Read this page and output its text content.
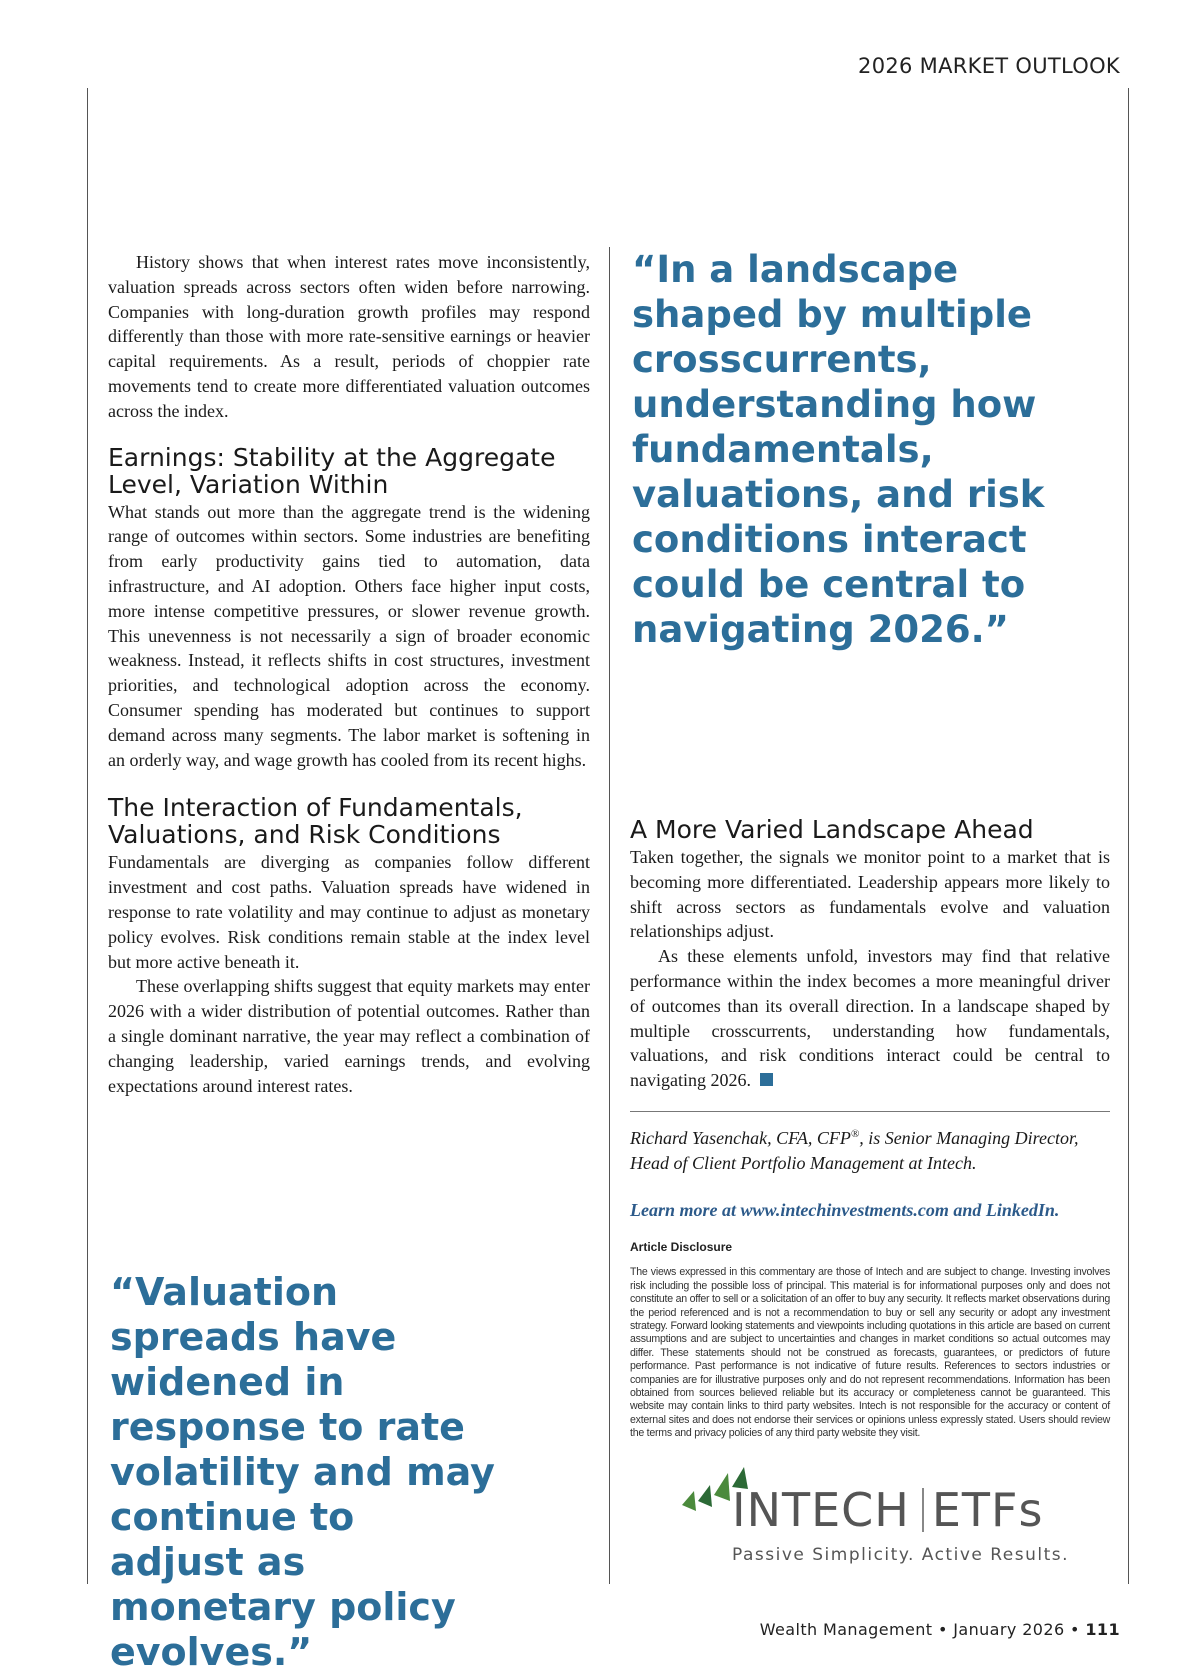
2026 MARKET OUTLOOK

History shows that when interest rates move inconsistently, valuation spreads across sectors often widen before narrowing. Companies with long-duration growth profiles may respond differently than those with more rate-sensitive earnings or heavier capital requirements. As a result, periods of choppier rate movements tend to create more differentiated valuation outcomes across the index.

Earnings: Stability at the Aggregate Level, Variation Within

What stands out more than the aggregate trend is the widening range of outcomes within sectors. Some industries are benefiting from early productivity gains tied to automation, data infrastructure, and AI adoption. Others face higher input costs, more intense competitive pressures, or slower revenue growth. This unevenness is not necessarily a sign of broader economic weakness. Instead, it reflects shifts in cost structures, investment priorities, and technological adoption across the economy. Consumer spending has moderated but continues to support demand across many segments. The labor market is softening in an orderly way, and wage growth has cooled from its recent highs.

The Interaction of Fundamentals, Valuations, and Risk Conditions

Fundamentals are diverging as companies follow different investment and cost paths. Valuation spreads have widened in response to rate volatility and may continue to adjust as monetary policy evolves. Risk conditions remain stable at the index level but more active beneath it.

These overlapping shifts suggest that equity markets may enter 2026 with a wider distribution of potential outcomes. Rather than a single dominant narrative, the year may reflect a combination of changing leadership, varied earnings trends, and evolving expectations around interest rates.

“Valuation spreads have widened in response to rate volatility and may continue to adjust as monetary policy evolves.”

“In a landscape shaped by multiple crosscurrents, understanding how fundamentals, valuations, and risk conditions interact could be central to navigating 2026.”

A More Varied Landscape Ahead

Taken together, the signals we monitor point to a market that is becoming more differentiated. Leadership appears more likely to shift across sectors as fundamentals evolve and valuation relationships adjust.

As these elements unfold, investors may find that relative performance within the index becomes a more meaningful driver of outcomes than its overall direction. In a landscape shaped by multiple crosscurrents, understanding how fundamentals, valuations, and risk conditions interact could be central to navigating 2026.

Richard Yasenchak, CFA, CFP®, is Senior Managing Director, Head of Client Portfolio Management at Intech.

Learn more at www.intechinvestments.com and LinkedIn.

Article Disclosure

The views expressed in this commentary are those of Intech and are subject to change. Investing involves risk including the possible loss of principal. This material is for informational purposes only and does not constitute an offer to sell or a solicitation of an offer to buy any security. It reflects market observations during the period referenced and is not a recommendation to buy or sell any security or adopt any investment strategy. Forward looking statements and viewpoints including quotations in this article are based on current assumptions and are subject to uncertainties and changes in market conditions so actual outcomes may differ. These statements should not be construed as forecasts, guarantees, or predictors of future performance. Past performance is not indicative of future results. References to sectors industries or companies are for illustrative purposes only and do not represent recommendations. Information has been obtained from sources believed reliable but its accuracy or completeness cannot be guaranteed. This website may contain links to third party websites. Intech is not responsible for the accuracy or content of external sites and does not endorse their services or opinions unless expressly stated. Users should review the terms and privacy policies of any third party website they visit.

INTECH ETFs
Passive Simplicity. Active Results.
Wealth Management • January 2026 • 111
